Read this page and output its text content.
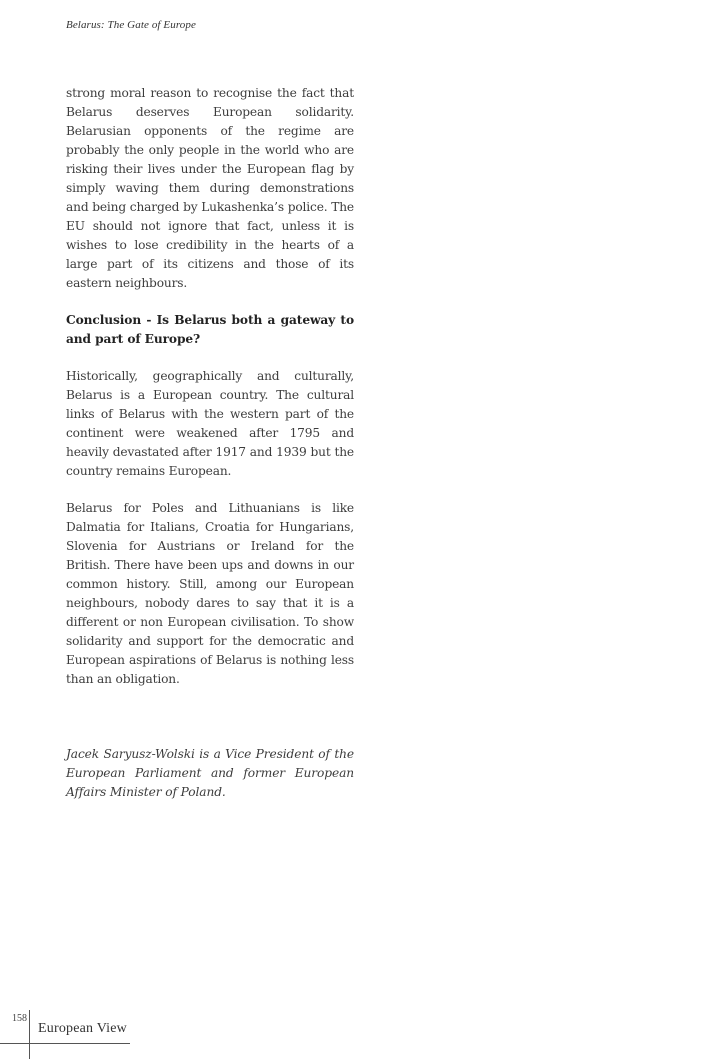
Belarus: The Gate of Europe

strong moral reason to recognise the fact that Belarus deserves European solidarity. Belarusian opponents of the regime are probably the only people in the world who are risking their lives under the European flag by simply waving them during demonstrations and being charged by Lukashenka’s police. The EU should not ignore that fact, unless it is wishes to lose credibility in the hearts of a large part of its citizens and those of its eastern neighbours.

Conclusion - Is Belarus both a gateway to and part of Europe?

Historically, geographically and culturally, Belarus is a European country. The cultural links of Belarus with the western part of the continent were weakened after 1795 and heavily devastated after 1917 and 1939 but the country remains European.

Belarus for Poles and Lithuanians is like Dalmatia for Italians, Croatia for Hungarians, Slovenia for Austrians or Ireland for the British. There have been ups and downs in our common history. Still, among our European neighbours, nobody dares to say that it is a different or non European civilisation. To show solidarity and support for the democratic and European aspirations of Belarus is nothing less than an obligation.

Jacek Saryusz-Wolski is a Vice President of the European Parliament and former European Affairs Minister of Poland.

158
European View
